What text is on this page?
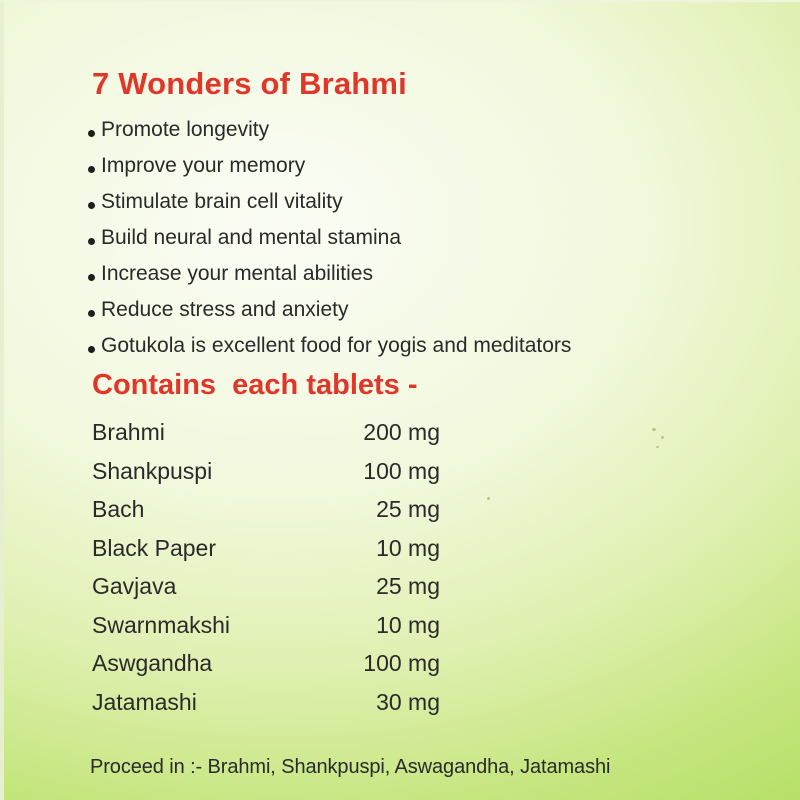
7 Wonders of Brahmi
Promote longevity
Improve your memory
Stimulate brain cell vitality
Build neural and mental stamina
Increase your mental abilities
Reduce stress and anxiety
Gotukola is excellent food for yogis and meditators
Contains  each tablets -
Brahmi	200 mg
Shankpuspi	100 mg
Bach	25 mg
Black Paper	10 mg
Gavjava	25 mg
Swarnmakshi	10 mg
Aswgandha	100 mg
Jatamashi	30 mg

Proceed in :- Brahmi, Shankpuspi, Aswagandha, Jatamashi
